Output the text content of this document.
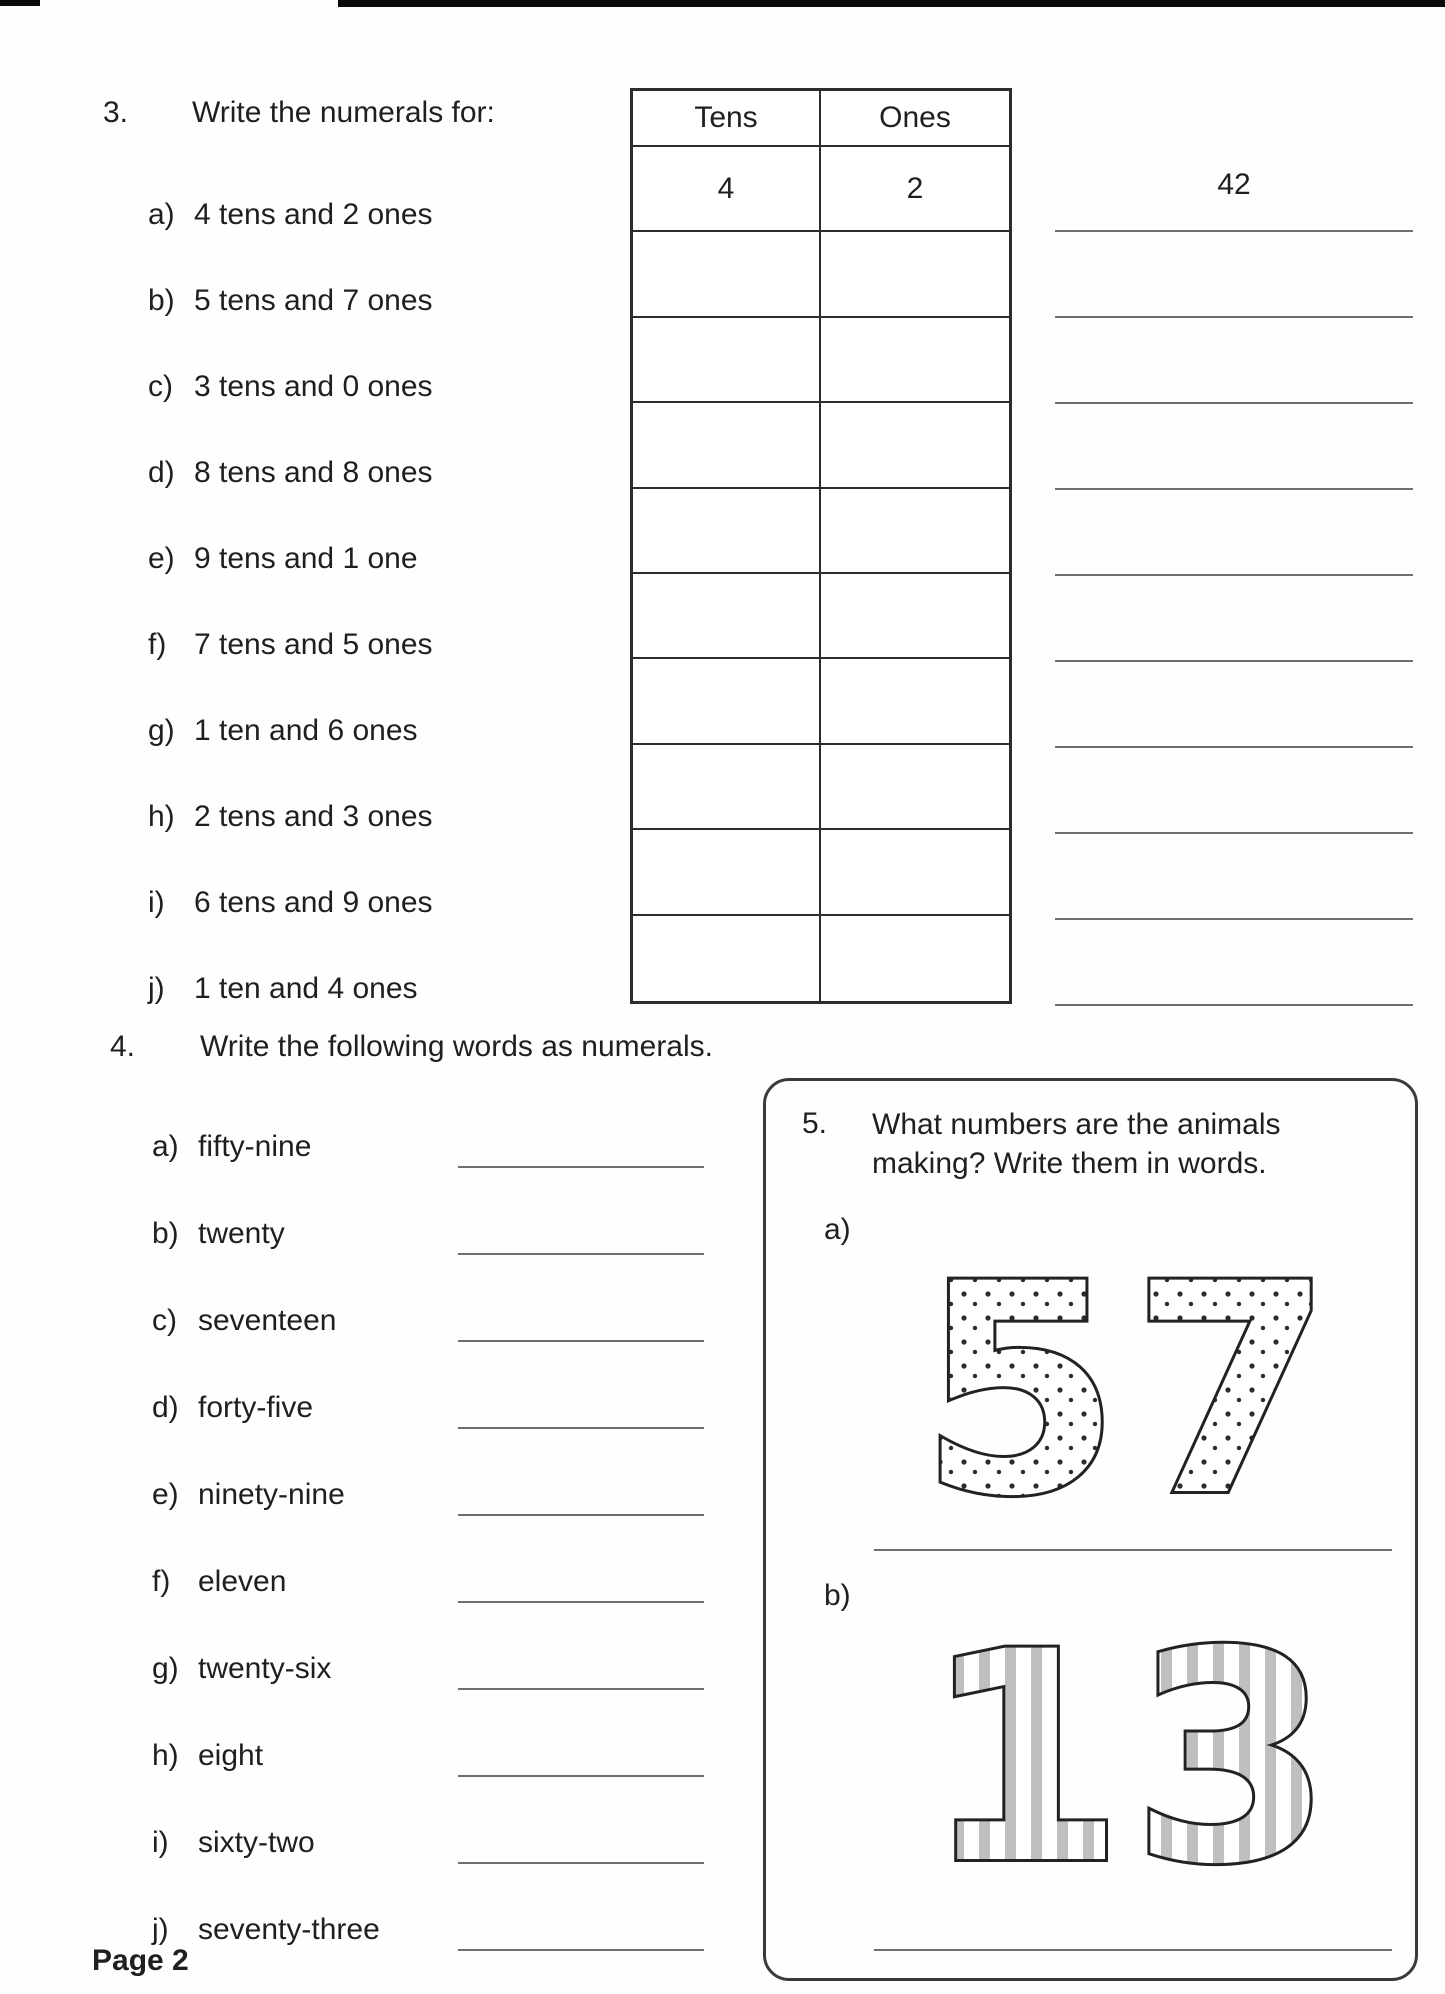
3. Write the numerals for:	Tens	Ones
4	2
a) 4 tens and 2 ones
b) 5 tens and 7 ones
c) 3 tens and 0 ones
d) 8 tens and 8 ones
e) 9 tens and 1 one
f) 7 tens and 5 ones
g) 1 ten and 6 ones
h) 2 tens and 3 ones
i) 6 tens and 9 ones
j) 1 ten and 4 ones
42
4. Write the following words as numerals.
a) fifty-nine
b) twenty
c) seventeen
d) forty-five
e) ninety-nine
f) eleven
g) twenty-six
h) eight
i) sixty-two
j) seventy-three
5. What numbers are the animals making? Write them in words.
a) 57
b) 13
Page 2
